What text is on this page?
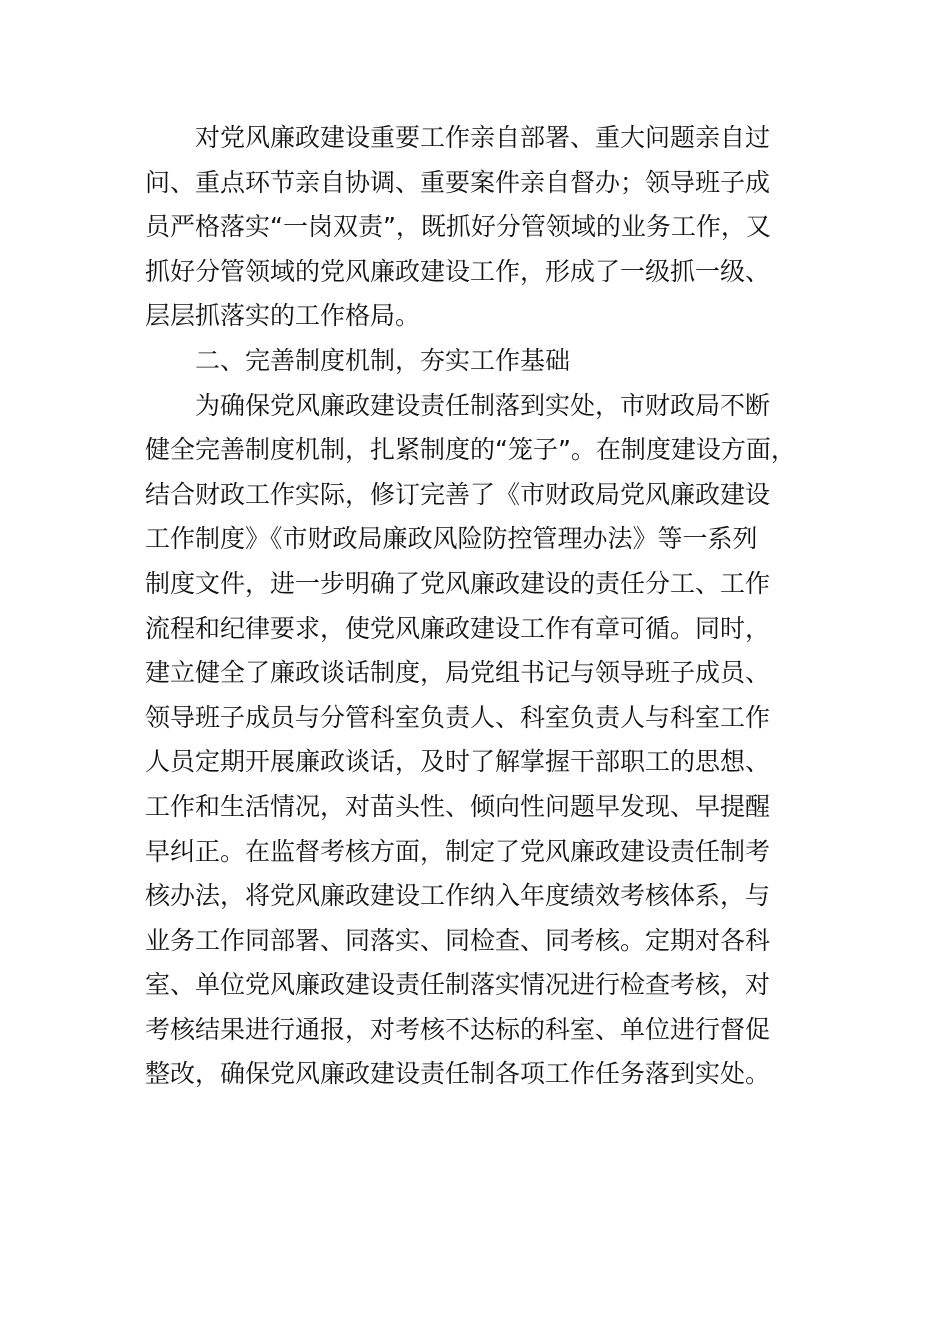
对党风廉政建设重要工作亲自部署、重大问题亲自过
问、重点环节亲自协调、重要案件亲自督办；领导班子成
员严格落实“一岗双责”，既抓好分管领域的业务工作，又
抓好分管领域的党风廉政建设工作，形成了一级抓一级、
层层抓落实的工作格局。
二、完善制度机制，夯实工作基础
为确保党风廉政建设责任制落到实处，市财政局不断
健全完善制度机制，扎紧制度的“笼子”。在制度建设方面，
结合财政工作实际，修订完善了《市财政局党风廉政建设
工作制度》《市财政局廉政风险防控管理办法》等一系列
制度文件，进一步明确了党风廉政建设的责任分工、工作
流程和纪律要求，使党风廉政建设工作有章可循。同时，
建立健全了廉政谈话制度，局党组书记与领导班子成员、
领导班子成员与分管科室负责人、科室负责人与科室工作
人员定期开展廉政谈话，及时了解掌握干部职工的思想、
工作和生活情况，对苗头性、倾向性问题早发现、早提醒
早纠正。在监督考核方面，制定了党风廉政建设责任制考
核办法，将党风廉政建设工作纳入年度绩效考核体系，与
业务工作同部署、同落实、同检查、同考核。定期对各科
室、单位党风廉政建设责任制落实情况进行检查考核，对
考核结果进行通报，对考核不达标的科室、单位进行督促
整改，确保党风廉政建设责任制各项工作任务落到实处。
